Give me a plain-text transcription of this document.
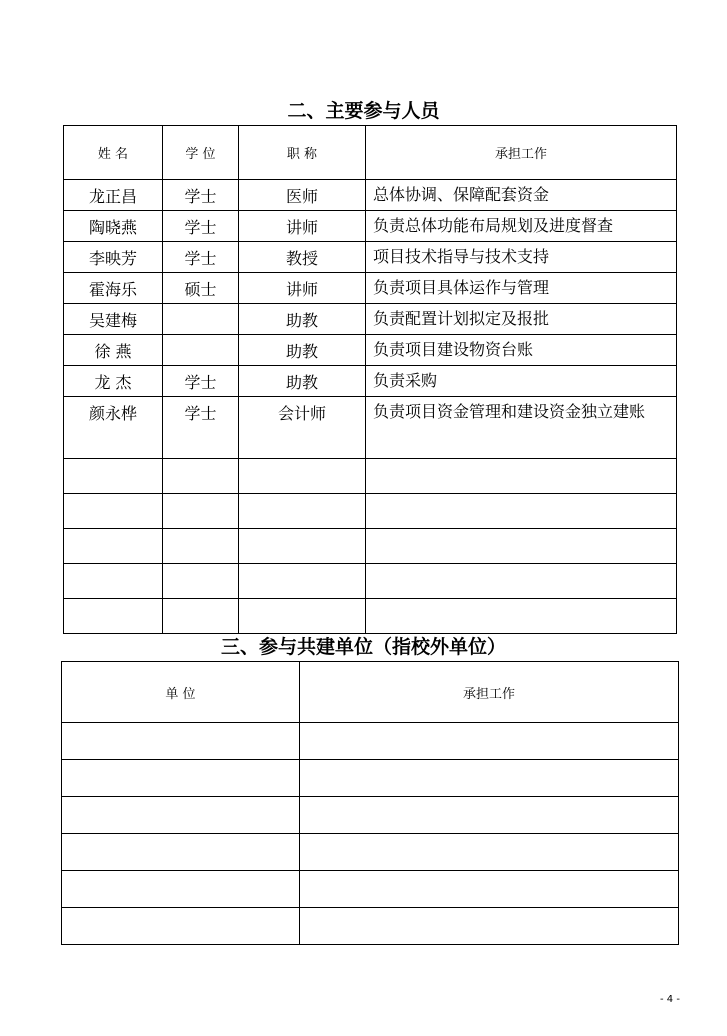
二、主要参与人员
姓 名	学 位	职 称	承担工作
龙正昌	学士	医师	总体协调、保障配套资金
陶晓燕	学士	讲师	负责总体功能布局规划及进度督查
李映芳	学士	教授	项目技术指导与技术支持
霍海乐	硕士	讲师	负责项目具体运作与管理
吴建梅		助教	负责配置计划拟定及报批
徐 燕		助教	负责项目建设物资台账
龙 杰	学士	助教	负责采购
颜永桦	学士	会计师	负责项目资金管理和建设资金独立建账

三、参与共建单位（指校外单位）
单 位	承担工作

- 4 -
